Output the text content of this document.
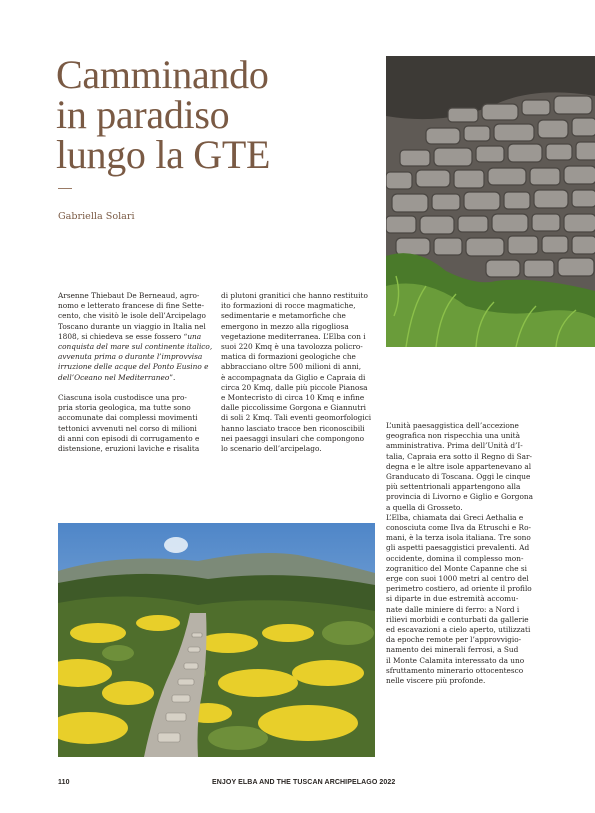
Camminando
in paradiso
lungo la GTE
Gabriella Solari

Arsenne Thiebaut De Berneaud, agro-
nomo e letterato francese di fine Sette-
cento, che visitò le isole dell’Arcipelago
Toscano durante un viaggio in Italia nel
1808, si chiedeva se esse fossero “una
conquista del mare sul continente italico,
avvenuta prima o durante l’improvvisa
irruzione delle acque del Ponto Eusino e
dell’Oceano nel Mediterraneo”.

Ciascuna isola custodisce una pro-
pria storia geologica, ma tutte sono
accomunate dai complessi movimenti
tettonici avvenuti nel corso di milioni
di anni con episodi di corrugamento e
distensione, eruzioni laviche e risalita

di plutoni granitici che hanno restituito
ito formazioni di rocce magmatiche,
sedimentarie e metamorfiche che
emergono in mezzo alla rigogliosa
vegetazione mediterranea. L’Elba con i
suoi 220 Kmq è una tavolozza policro-
matica di formazioni geologiche che
abbracciano oltre 500 milioni di anni,
è accompagnata da Giglio e Capraia di
circa 20 Kmq, dalle più piccole Pianosa
e Montecristo di circa 10 Kmq e infine
dalle piccolissime Gorgona e Giannutri
di soli 2 Kmq. Tali eventi geomorfologici
hanno lasciato tracce ben riconoscibili
nei paesaggi insulari che compongono
lo scenario dell’arcipelago.

L’unità paesaggistica dell’accezione
geografica non rispecchia una unità
amministrativa. Prima dell’Unità d’I-
talia, Capraia era sotto il Regno di Sar-
degna e le altre isole appartenevano al
Granducato di Toscana. Oggi le cinque
più settentrionali appartengono alla
provincia di Livorno e Giglio e Gorgona
a quella di Grosseto.

L’Elba, chiamata dai Greci Aethalia e
conosciuta come Ilva da Etruschi e Ro-
mani, è la terza isola italiana. Tre sono
gli aspetti paesaggistici prevalenti. Ad
occidente, domina il complesso mon-
zogranitico del Monte Capanne che si
erge con suoi 1000 metri al centro del
perimetro costiero, ad oriente il profilo
si diparte in due estremità accomu-
nate dalle miniere di ferro: a Nord i
rilievi morbidi e conturbati da gallerie
ed escavazioni a cielo aperto, utilizzati
da epoche remote per l’approvvigio-
namento dei minerali ferrosi, a Sud
il Monte Calamita interessato da uno
sfruttamento minerario ottocentesco
nelle viscere più profonde.

110	ENJOY ELBA AND THE TUSCAN ARCHIPELAGO 2022
